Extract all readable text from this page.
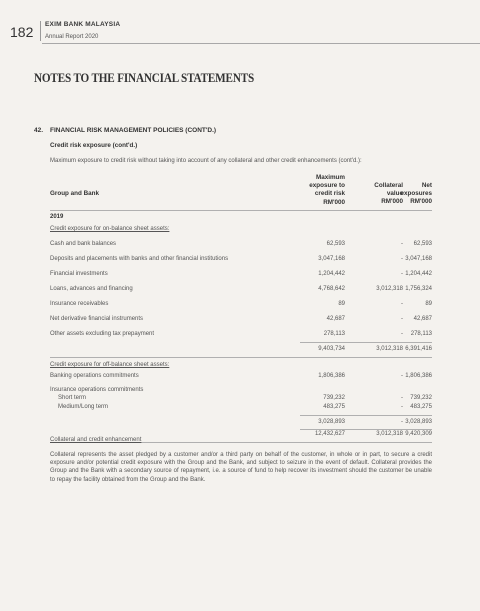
182 EXIM BANK MALAYSIA
Annual Report 2020
NOTES TO THE FINANCIAL STATEMENTS
42. FINANCIAL RISK MANAGEMENT POLICIES (CONT'D.)
Credit risk exposure (cont'd.)
Maximum exposure to credit risk without taking into account of any collateral and other credit enhancements (cont'd.):
Group and Bank
Maximum
exposure to
credit risk
RM'000
Collateral
value
RM'000
Net
exposures
RM'000
2019
Credit exposure for on-balance sheet assets:
Cash and bank balances	62,593	-	62,593
Deposits and placements with banks and other financial institutions	3,047,168	- 3,047,168
Financial investments	1,204,442	- 1,204,442
Loans, advances and financing	4,768,642	3,012,318 1,756,324
Insurance receivables	89	-	89
Net derivative financial instruments	42,687	-	42,687
Other assets excluding tax prepayment	278,113	-	278,113
9,403,734	3,012,318 6,391,416
Credit exposure for off-balance sheet assets:
Banking operations commitments	1,806,386	- 1,806,386
Insurance operations commitments
Short term	739,232	-	739,232
Medium/Long term	483,275	-	483,275
3,028,893	- 3,028,893
12,432,627	3,012,318 9,420,309
Collateral represents the asset pledged by a customer and/or a third party on behalf of the customer, in whole or in part, to secure a credit exposure and/or potential credit exposure with the Group and the Bank, and subject to seizure in the event of default. Collateral provides the Group and the Bank with a secondary source of repayment, i.e. a source of fund to help recover its investment should the customer be unable to repay the facility obtained from the Group and the Bank.
Collateral and credit enhancement
